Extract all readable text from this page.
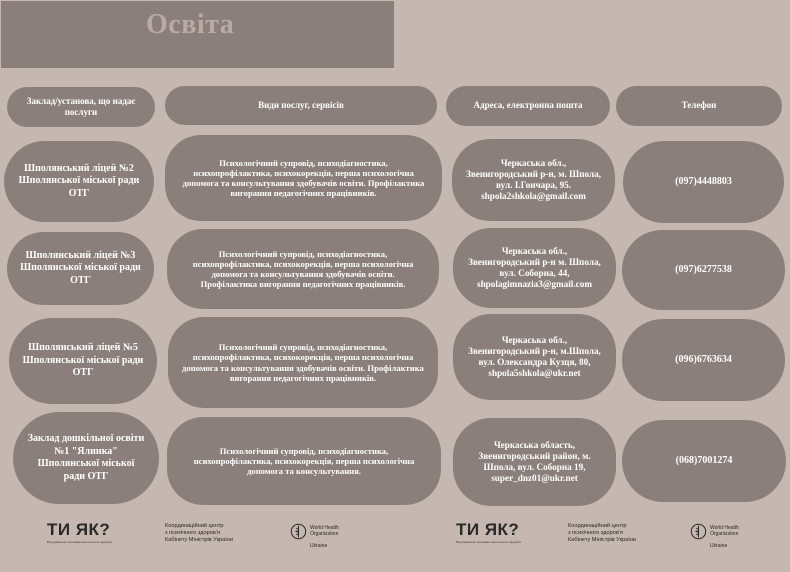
Освіта
Заклад/установа, що надає послуги
Види послуг, сервісів	Адреса, електронна пошта	Телефон
Шполянський ліцей №2 Шполянської міської ради ОТГ
Психологічний супровід, психодіагностика, психопрофілактика, психокорекція, перша психологічна допомога та консультування здобувачів освіти. Профілактика вигорання педагогічних працівників.
Черкаська обл., Звенигородський р-н, м. Шпола, вул. І.Гончара, 95. shpola2shkola@gmail.com
(097)4448803
Шполянський ліцей №3 Шполянської міської ради ОТГ
Психологічний супровід, психодіагностика, психопрофілактика, психокорекція, перша психологічна допомога та консультування здобувачів освіти. Профілактика вигорання педагогічних працівників.
Черкаська обл., Звенигородський р-н м. Шпола, вул. Соборна, 44, shpolagimnazia3@gmail.com
(097)6277538
Шполянський ліцей №5 Шполянської міської ради ОТГ
Психологічний супровід, психодіагностика, психопрофілактика, психокорекція, перша психологічна допомога та консультування здобувачів освіти. Профілактика вигорання педагогічних працівників.
Черкаська обл., Звенигородський р-н, м.Шпола, вул. Олександра Кузця, 80, shpola5shkola@ukr.net
(096)6763634
Заклад дошкільної освіти №1 "Ялинка" Шполянської міської ради ОТГ
Психологічний супровід, психодіагностика, психопрофілактика, психокорекція, перша психологічна допомога та консультування.
Черкаська область, Звенигородський район, м. Шпола, вул. Соборна 19, super_dnz01@ukr.net
(068)7001274
ТИ ЯК?
Всеукраїнська програма ментального здоров'я
Координаційний центр
з психічного здоров'я
Кабінету Міністрів України
World Health
Organization
Ukraine
ТИ ЯК?
Всеукраїнська програма ментального здоров'я
Координаційний центр
з психічного здоров'я
Кабінету Міністрів України
World Health
Organization
Ukraine
